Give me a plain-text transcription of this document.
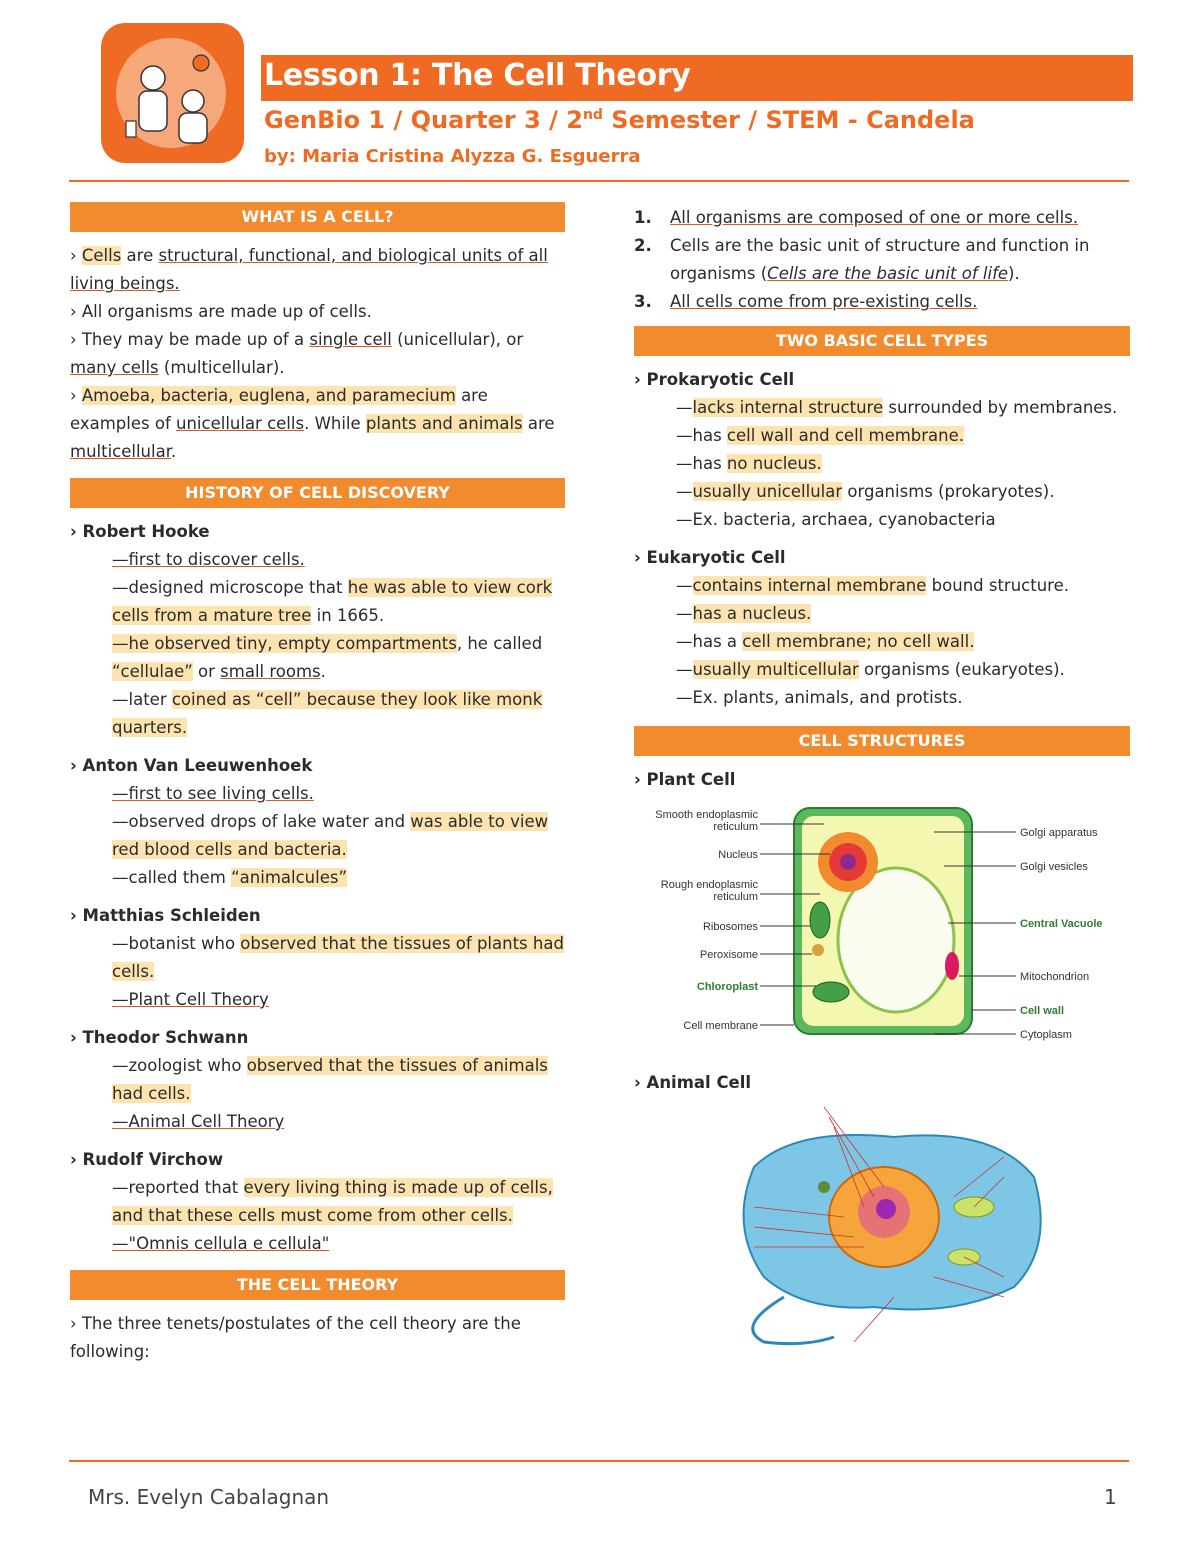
Lesson 1: The Cell Theory
GenBio 1 / Quarter 3 / 2nd Semester / STEM - Candela
by: Maria Cristina Alyzza G. Esguerra
WHAT IS A CELL?

› Cells are structural, functional, and biological units of all living beings.

› All organisms are made up of cells.

› They may be made up of a single cell (unicellular), or many cells (multicellular).

› Amoeba, bacteria, euglena, and paramecium are examples of unicellular cells. While plants and animals are multicellular.

HISTORY OF CELL DISCOVERY

› Robert Hooke

—first to discover cells.

—designed microscope that he was able to view cork cells from a mature tree in 1665.

—he observed tiny, empty compartments, he called “cellulae” or small rooms.

—later coined as “cell” because they look like monk quarters.

› Anton Van Leeuwenhoek

—first to see living cells.

—observed drops of lake water and was able to view red blood cells and bacteria.

—called them “animalcules”

› Matthias Schleiden

—botanist who observed that the tissues of plants had cells.

—Plant Cell Theory

› Theodor Schwann

—zoologist who observed that the tissues of animals had cells.

—Animal Cell Theory

› Rudolf Virchow

—reported that every living thing is made up of cells, and that these cells must come from other cells.

—"Omnis cellula e cellula"

THE CELL THEORY

› The three tenets/postulates of the cell theory are the following:

1.	All organisms are composed of one or more cells.
2.	Cells are the basic unit of structure and function in organisms (Cells are the basic unit of life).
3.	All cells come from pre-existing cells.
TWO BASIC CELL TYPES

› Prokaryotic Cell

—lacks internal structure surrounded by membranes.

—has cell wall and cell membrane.

—has no nucleus.

—usually unicellular organisms (prokaryotes).

—Ex. bacteria, archaea, cyanobacteria

› Eukaryotic Cell

—contains internal membrane bound structure.

—has a nucleus.

—has a cell membrane; no cell wall.

—usually multicellular organisms (eukaryotes).

—Ex. plants, animals, and protists.

CELL STRUCTURES

› Plant Cell

Smooth endoplasmic
reticulum
Nucleus
Rough endoplasmic
reticulum
Ribosomes
Peroxisome
Chloroplast
Cell membrane
Golgi apparatus
Golgi vesicles
Central Vacuole
Mitochondrion
Cell wall
Cytoplasm

› Animal Cell

Mrs. Evelyn Cabalagnan	1
